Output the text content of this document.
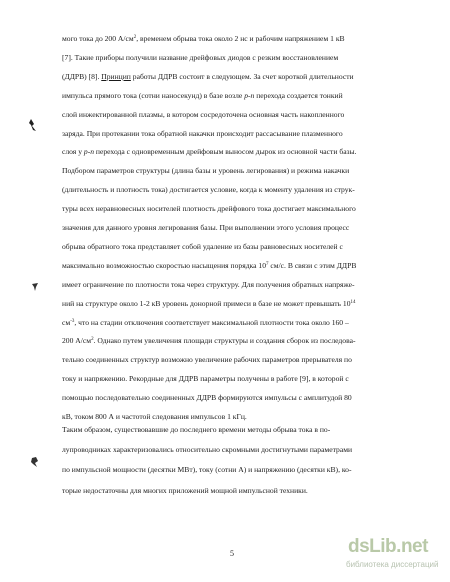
мого тока до 200 $А/см^2$, временем обрыва тока около 2 нс и рабочим напряжением 1 кВ
[7]. Такие приборы получили название дрейфовых диодов с резким восстановлением
(ДДРВ) [8]. Принцип работы ДДРВ состоит в следующем. За счет короткой длительности
импульса прямого тока (сотни наносекунд) в базе возле p-n перехода создается тонкий
слой инжектированной плазмы, в котором сосредоточена основная часть накопленного
заряда. При протекании тока обратной накачки происходит рассасывание плазменного
слоя у p-n перехода с одновременным дрейфовым выносом дырок из основной части базы.
Подбором параметров структуры (длина базы и уровень легирования) и режима накачки
(длительность и плотность тока) достигается условие, когда к моменту удаления из струк-
туры всех неравновесных носителей плотность дрейфового тока достигает максимального
значения для данного уровня легирования базы. При выполнении этого условия процесс
обрыва обратного тока представляет собой удаление из базы равновесных носителей с
максимально возможностью скоростью насыщения порядка $10^7$ см/с. В связи с этим ДДРВ
имеет ограничение по плотности тока через структуру. Для получения обратных напряже-
ний на структуре около 1-2 кВ уровень донорной примеси в базе не может превышать $10^{14}$
$см^{-3}$, что на стадии отключения соответствует максимальной плотности тока около 160 –
200 $А/см^2$. Однако путем увеличения площади структуры и создания сборок из последова-
тельно соединенных структур возможно увеличение рабочих параметров прерывателя по
току и напряжению. Рекордные для ДДРВ параметры получены в работе [9], в которой с
помощью последовательно соединенных ДДРВ формируются импульсы с амплитудой 80
кВ, током 800 А и частотой следования импульсов 1 кГц.
Таким образом, существовавшие до последнего времени методы обрыва тока в по-
лупроводниках характеризовались относительно скромными достигнутыми параметрами
по импульсной мощности (десятки МВт), току (сотни А) и напряжению (десятки кВ), ко-
торые недостаточны для многих приложений мощной импульсной техники.
5	dsLib.net
библиотека диссертаций
